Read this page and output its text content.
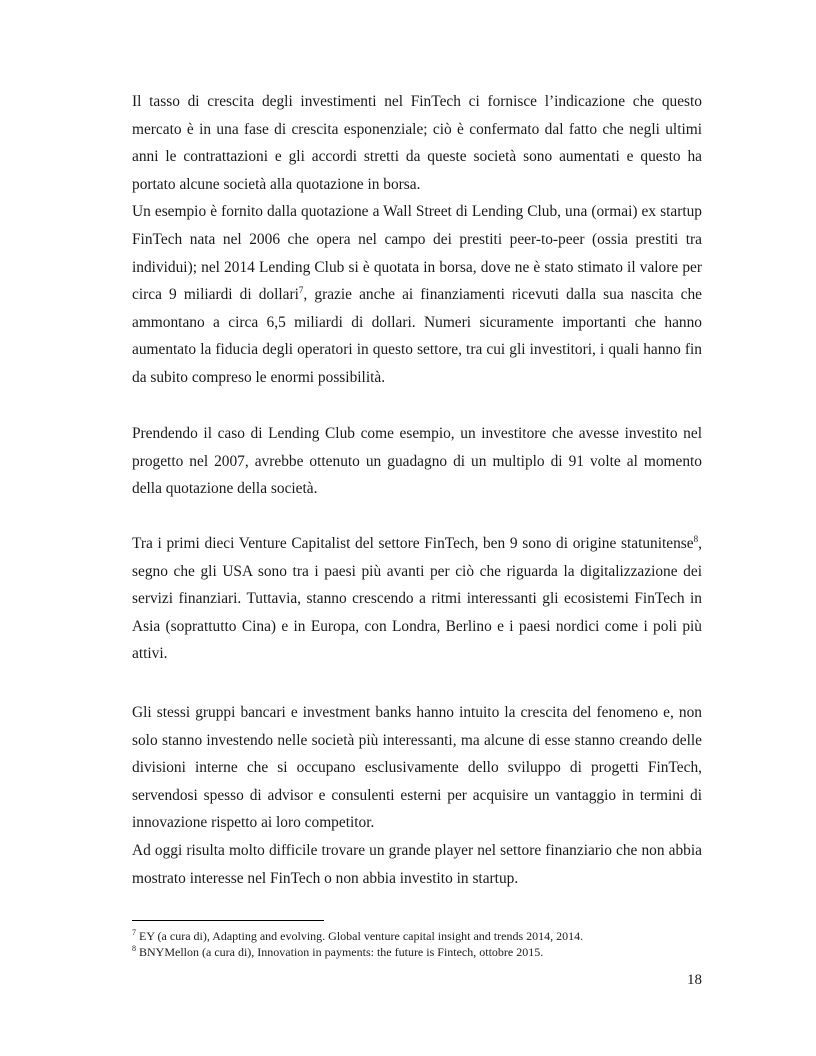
Il tasso di crescita degli investimenti nel FinTech ci fornisce l’indicazione che questo mercato è in una fase di crescita esponenziale; ciò è confermato dal fatto che negli ultimi anni le contrattazioni e gli accordi stretti da queste società sono aumentati e questo ha portato alcune società alla quotazione in borsa.
Un esempio è fornito dalla quotazione a Wall Street di Lending Club, una (ormai) ex startup FinTech nata nel 2006 che opera nel campo dei prestiti peer-to-peer (ossia prestiti tra individui); nel 2014 Lending Club si è quotata in borsa, dove ne è stato stimato il valore per circa 9 miliardi di dollari$^7$, grazie anche ai finanziamenti ricevuti dalla sua nascita che ammontano a circa 6,5 miliardi di dollari. Numeri sicuramente importanti che hanno aumentato la fiducia degli operatori in questo settore, tra cui gli investitori, i quali hanno fin da subito compreso le enormi possibilità.
Prendendo il caso di Lending Club come esempio, un investitore che avesse investito nel progetto nel 2007, avrebbe ottenuto un guadagno di un multiplo di 91 volte al momento della quotazione della società.
Tra i primi dieci Venture Capitalist del settore FinTech, ben 9 sono di origine statunitense$^8$, segno che gli USA sono tra i paesi più avanti per ciò che riguarda la digitalizzazione dei servizi finanziari. Tuttavia, stanno crescendo a ritmi interessanti gli ecosistemi FinTech in Asia (soprattutto Cina) e in Europa, con Londra, Berlino e i paesi nordici come i poli più attivi.
Gli stessi gruppi bancari e investment banks hanno intuito la crescita del fenomeno e, non solo stanno investendo nelle società più interessanti, ma alcune di esse stanno creando delle divisioni interne che si occupano esclusivamente dello sviluppo di progetti FinTech, servendosi spesso di advisor e consulenti esterni per acquisire un vantaggio in termini di innovazione rispetto ai loro competitor.
Ad oggi risulta molto difficile trovare un grande player nel settore finanziario che non abbia mostrato interesse nel FinTech o non abbia investito in startup.
$^7$ EY (a cura di), Adapting and evolving. Global venture capital insight and trends 2014, 2014.
$^8$ BNYMellon (a cura di), Innovation in payments: the future is Fintech, ottobre 2015.
18
